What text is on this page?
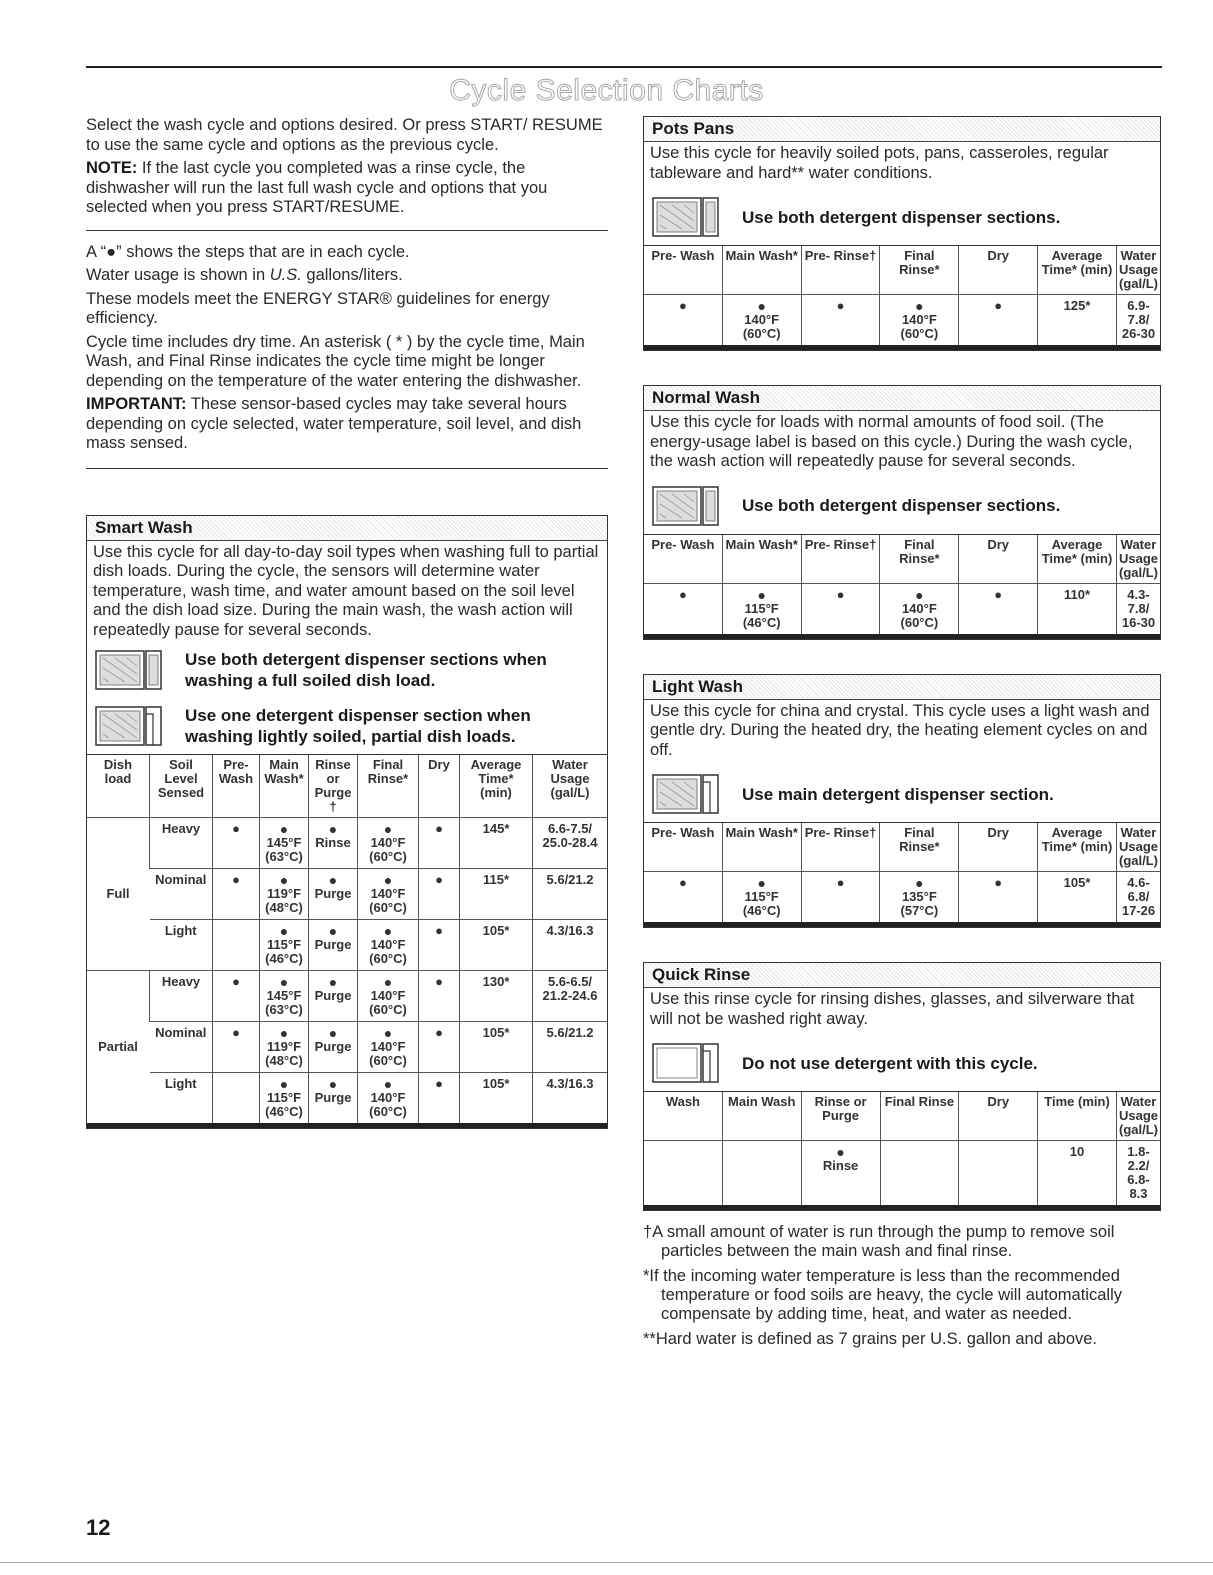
Cycle Selection Charts

Select the wash cycle and options desired. Or press START/ RESUME to use the same cycle and options as the previous cycle.

NOTE: If the last cycle you completed was a rinse cycle, the dishwasher will run the last full wash cycle and options that you selected when you press START/RESUME.

A “●” shows the steps that are in each cycle.

Water usage is shown in U.S. gallons/liters.

These models meet the ENERGY STAR® guidelines for energy efficiency.

Cycle time includes dry time. An asterisk ( * ) by the cycle time, Main Wash, and Final Rinse indicates the cycle time might be longer depending on the temperature of the water entering the dishwasher.

IMPORTANT: These sensor-based cycles may take several hours depending on cycle selected, water temperature, soil level, and dish mass sensed.

Smart Wash
Use this cycle for all day-to-day soil types when washing full to partial dish loads. During the cycle, the sensors will determine water temperature, wash time, and water amount based on the soil level and the dish load size. During the main wash, the wash action will repeatedly pause for several seconds.
Use both detergent dispenser sections when washing a full soiled dish load.
Use one detergent dispenser section when washing lightly soiled, partial dish loads.
Dish load	Soil Level Sensed	Pre- Wash	Main Wash*	Rinse or Purge †	Final Rinse*	Dry	Average Time* (min)	Water Usage (gal/L)
Full	Heavy	●	●
145°F
(63°C)	●
Rinse	●
140°F
(60°C)	●	145*	6.6-7.5/ 25.0-28.4
	Nominal	●	●
119°F
(48°C)	●
Purge	●
140°F
(60°C)	●	115*	5.6/21.2
	Light		●
115°F
(46°C)	●
Purge	●
140°F
(60°C)	●	105*	4.3/16.3
Partial	Heavy	●	●
145°F
(63°C)	●
Purge	●
140°F
(60°C)	●	130*	5.6-6.5/ 21.2-24.6
	Nominal	●	●
119°F
(48°C)	●
Purge	●
140°F
(60°C)	●	105*	5.6/21.2
	Light		●
115°F
(46°C)	●
Purge	●
140°F
(60°C)	●	105*	4.3/16.3
Pots Pans
Use this cycle for heavily soiled pots, pans, casseroles, regular tableware and hard** water conditions.
Use both detergent dispenser sections.
Pre- Wash	Main Wash*	Pre- Rinse†	Final Rinse*	Dry	Average Time* (min)	Water Usage (gal/L)
●	●
140°F
(60°C)	●	●
140°F
(60°C)	●	125*	6.9-7.8/ 26-30
Normal Wash
Use this cycle for loads with normal amounts of food soil. (The energy-usage label is based on this cycle.) During the wash cycle, the wash action will repeatedly pause for several seconds.
Use both detergent dispenser sections.
Pre- Wash	Main Wash*	Pre- Rinse†	Final Rinse*	Dry	Average Time* (min)	Water Usage (gal/L)
●	●
115°F
(46°C)	●	●
140°F
(60°C)	●	110*	4.3-7.8/ 16-30
Light Wash
Use this cycle for china and crystal. This cycle uses a light wash and gentle dry. During the heated dry, the heating element cycles on and off.
Use main detergent dispenser section.
Pre- Wash	Main Wash*	Pre- Rinse†	Final Rinse*	Dry	Average Time* (min)	Water Usage (gal/L)
●	●
115°F
(46°C)	●	●
135°F
(57°C)	●	105*	4.6-6.8/ 17-26
Quick Rinse
Use this rinse cycle for rinsing dishes, glasses, and silverware that will not be washed right away.
Do not use detergent with this cycle.
Wash	Main Wash	Rinse or Purge	Final Rinse	Dry	Time (min)	Water Usage (gal/L)

		●
Rinse			10	1.8-2.2/ 6.8-8.3

†A small amount of water is run through the pump to remove soil particles between the main wash and final rinse.

*If the incoming water temperature is less than the recommended temperature or food soils are heavy, the cycle will automatically compensate by adding time, heat, and water as needed.

**Hard water is defined as 7 grains per U.S. gallon and above.

12
